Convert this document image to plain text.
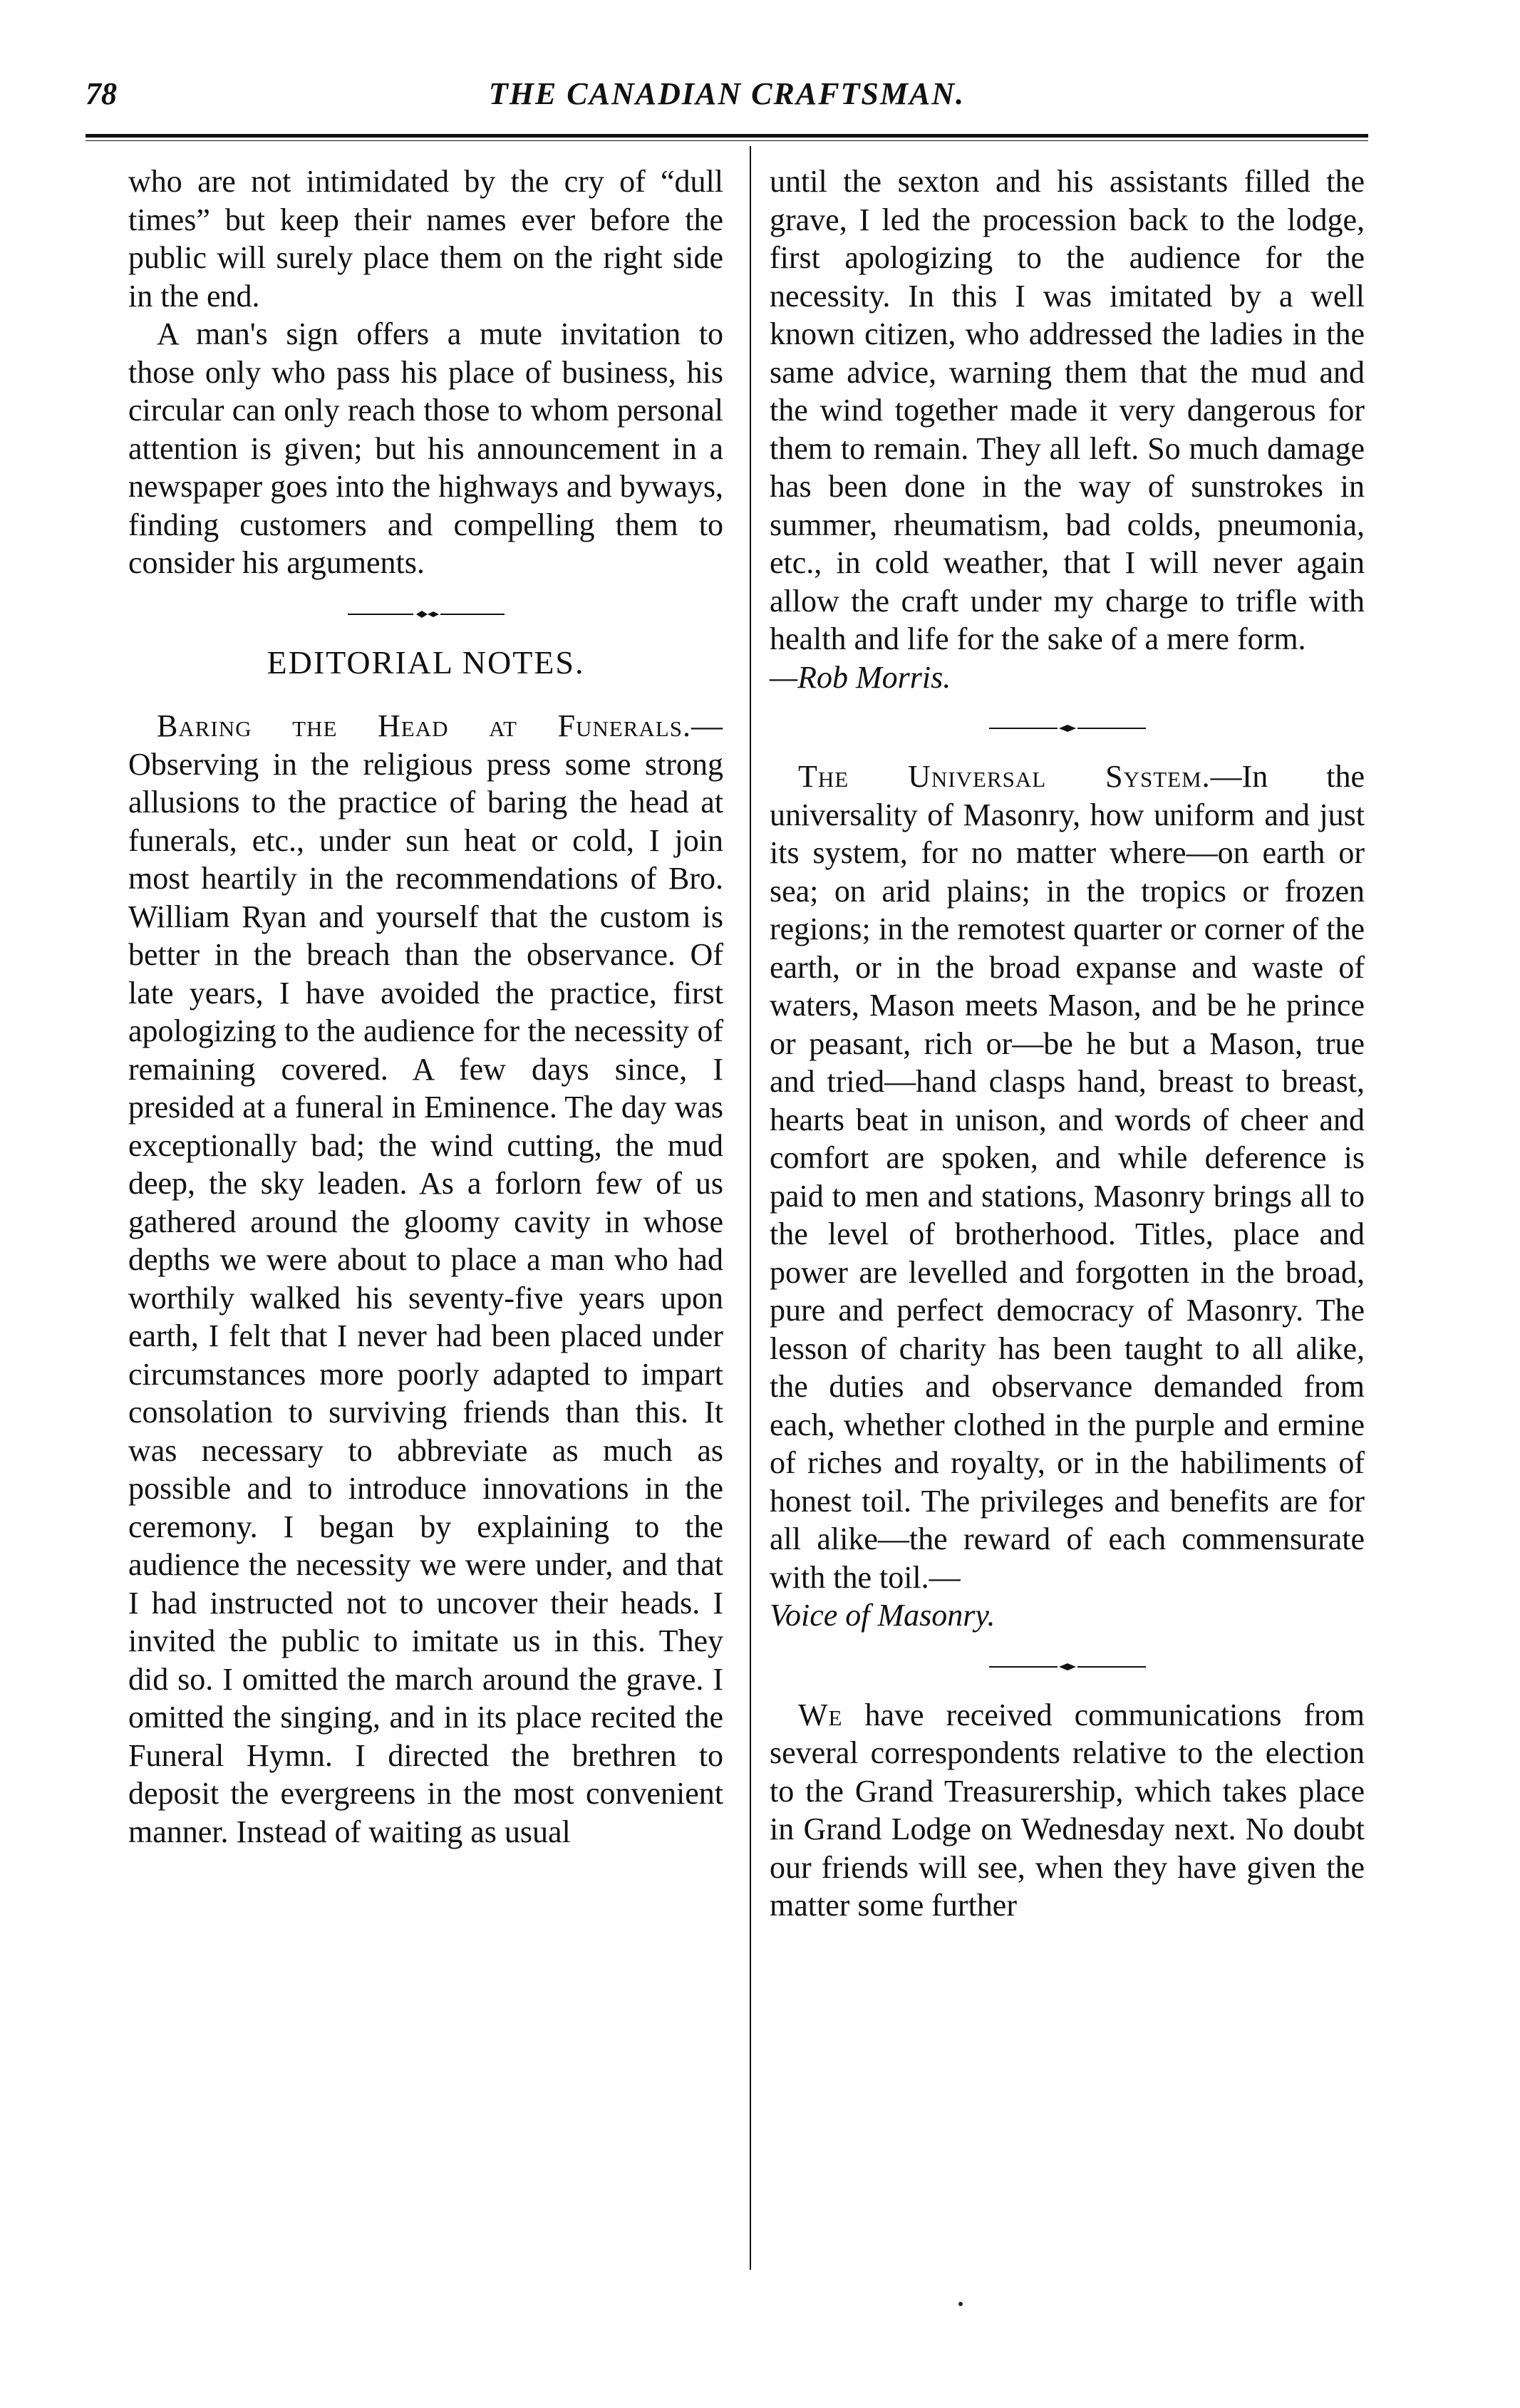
78	THE CANADIAN CRAFTSMAN.

who are not intimidated by the cry of “dull times” but keep their names ever before the public will surely place them on the right side in the end.

A man's sign offers a mute invitation to those only who pass his place of business, his circular can only reach those to whom personal attention is given; but his announcement in a newspaper goes into the highways and byways, finding customers and compelling them to consider his arguments.

EDITORIAL NOTES.

Baring the Head at Funerals.—Observing in the religious press some strong allusions to the practice of baring the head at funerals, etc., under sun heat or cold, I join most heartily in the recommendations of Bro. William Ryan and yourself that the custom is better in the breach than the observance. Of late years, I have avoided the practice, first apologizing to the audience for the necessity of remaining covered. A few days since, I presided at a funeral in Eminence. The day was exceptionally bad; the wind cutting, the mud deep, the sky leaden. As a forlorn few of us gathered around the gloomy cavity in whose depths we were about to place a man who had worthily walked his seventy-five years upon earth, I felt that I never had been placed under circumstances more poorly adapted to impart consolation to surviving friends than this. It was necessary to abbreviate as much as possible and to introduce innovations in the ceremony. I began by explaining to the audience the necessity we were under, and that I had instructed not to uncover their heads. I invited the public to imitate us in this. They did so. I omitted the march around the grave. I omitted the singing, and in its place recited the Funeral Hymn. I directed the brethren to deposit the evergreens in the most convenient manner. Instead of waiting as usual

until the sexton and his assistants filled the grave, I led the procession back to the lodge, first apologizing to the audience for the necessity. In this I was imitated by a well known citizen, who addressed the ladies in the same advice, warning them that the mud and the wind together made it very dangerous for them to remain. They all left. So much damage has been done in the way of sunstrokes in summer, rheumatism, bad colds, pneumonia, etc., in cold weather, that I will never again allow the craft under my charge to trifle with health and life for the sake of a mere form.
—Rob Morris.

The Universal System.—In the universality of Masonry, how uniform and just its system, for no matter where—on earth or sea; on arid plains; in the tropics or frozen regions; in the remotest quarter or corner of the earth, or in the broad expanse and waste of waters, Mason meets Mason, and be he prince or peasant, rich or—be he but a Mason, true and tried—hand clasps hand, breast to breast, hearts beat in unison, and words of cheer and comfort are spoken, and while deference is paid to men and stations, Masonry brings all to the level of brotherhood. Titles, place and power are levelled and forgotten in the broad, pure and perfect democracy of Masonry. The lesson of charity has been taught to all alike, the duties and observance demanded from each, whether clothed in the purple and ermine of riches and royalty, or in the habiliments of honest toil. The privileges and benefits are for all alike—the reward of each commensurate with the toil.—
Voice of Masonry.

We have received communications from several correspondents relative to the election to the Grand Treasurership, which takes place in Grand Lodge on Wednesday next. No doubt our friends will see, when they have given the matter some further
